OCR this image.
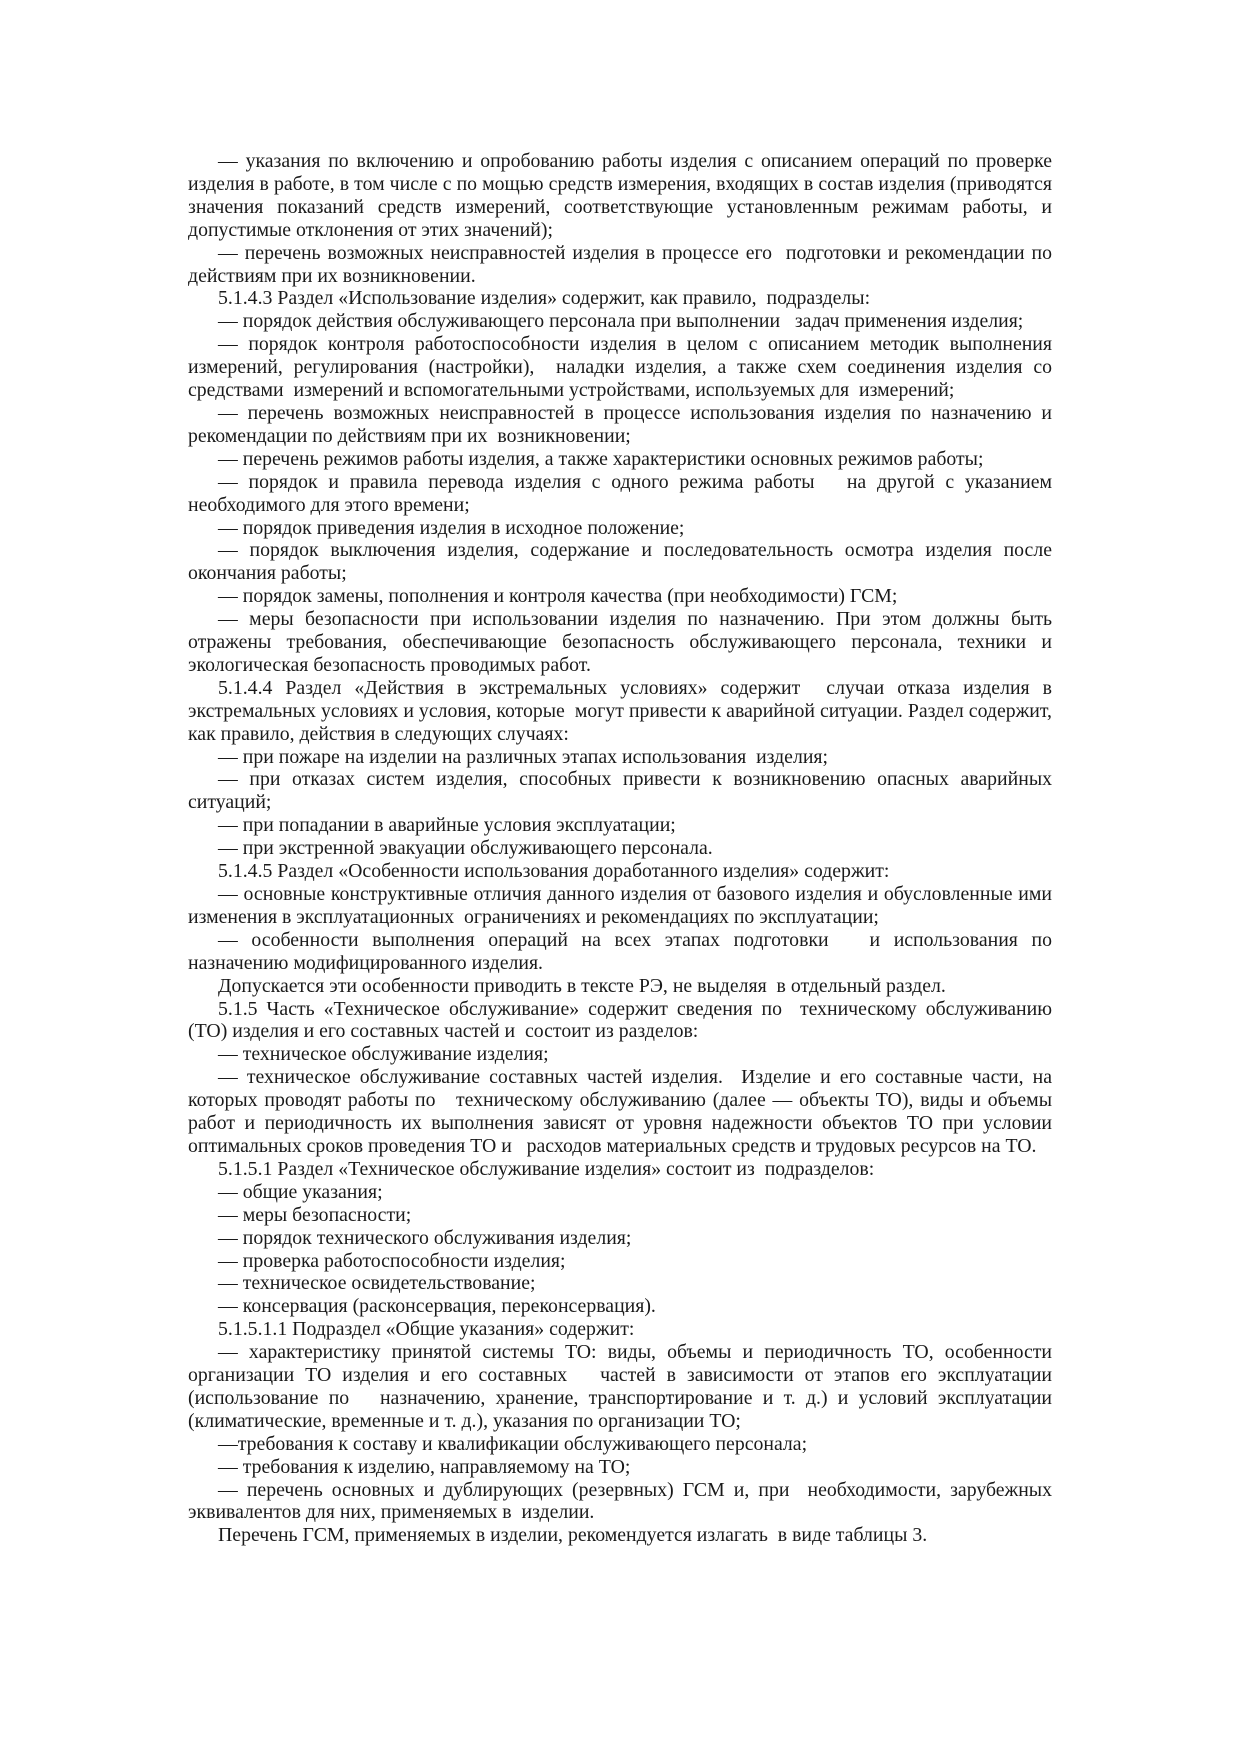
— указания по включению и опробованию работы изделия с описанием операций по проверке изделия в работе, в том числе с по мощью средств измерения, входящих в состав изделия (приводятся  значения показаний средств измерений, соответствующие установленным режимам работы, и допустимые отклонения от этих значений);

— перечень возможных неисправностей изделия в процессе его  подготовки и рекомендации по действиям при их возникновении.

5.1.4.3 Раздел «Использование изделия» содержит, как правило,  подразделы:

— порядок действия обслуживающего персонала при выполнении   задач применения изделия;

— порядок контроля работоспособности изделия в целом с описанием методик выполнения измерений, регулирования (настройки),  наладки изделия, а также схем соединения изделия со средствами  измерений и вспомогательными устройствами, используемых для  измерений;

— перечень возможных неисправностей в процессе использования изделия по назначению и рекомендации по действиям при их  возникновении;

— перечень режимов работы изделия, а также характеристики основных режимов работы;

— порядок и правила перевода изделия с одного режима работы   на другой с указанием необходимого для этого времени;

— порядок приведения изделия в исходное положение;

— порядок выключения изделия, содержание и последовательность осмотра изделия после окончания работы;

— порядок замены, пополнения и контроля качества (при необходимости) ГСМ;

— меры безопасности при использовании изделия по назначению. При этом должны быть отражены требования, обеспечивающие безопасность обслуживающего персонала, техники и экологическая безопасность проводимых работ.

5.1.4.4 Раздел «Действия в экстремальных условиях» содержит  случаи отказа изделия в экстремальных условиях и условия, которые  могут привести к аварийной ситуации. Раздел содержит, как правило, действия в следующих случаях:

— при пожаре на изделии на различных этапах использования  изделия;

— при отказах систем изделия, способных привести к возникновению опасных аварийных ситуаций;

— при попадании в аварийные условия эксплуатации;

— при экстренной эвакуации обслуживающего персонала.

5.1.4.5 Раздел «Особенности использования доработанного изделия» содержит:

— основные конструктивные отличия данного изделия от базового изделия и обусловленные ими изменения в эксплуатационных  ограничениях и рекомендациях по эксплуатации;

— особенности выполнения операций на всех этапах подготовки   и использования по назначению модифицированного изделия.

Допускается эти особенности приводить в тексте РЭ, не выделяя  в отдельный раздел.

5.1.5 Часть «Техническое обслуживание» содержит сведения по  техническому обслуживанию (ТО) изделия и его составных частей и  состоит из разделов:

— техническое обслуживание изделия;

— техническое обслуживание составных частей изделия.  Изделие и его составные части, на которых проводят работы по   техническому обслуживанию (далее — объекты ТО), виды и объемы  работ и периодичность их выполнения зависят от уровня надежности объектов ТО при условии оптимальных сроков проведения ТО и   расходов материальных средств и трудовых ресурсов на ТО.

5.1.5.1 Раздел «Техническое обслуживание изделия» состоит из  подразделов:

— общие указания;

— меры безопасности;

— порядок технического обслуживания изделия;

— проверка работоспособности изделия;

— техническое освидетельствование;

— консервация (расконсервация, переконсервация).

5.1.5.1.1 Подраздел «Общие указания» содержит:

— характеристику принятой системы ТО: виды, объемы и периодичность ТО, особенности организации ТО изделия и его составных   частей в зависимости от этапов его эксплуатации (использование по   назначению, хранение, транспортирование и т. д.) и условий эксплуатации (климатические, временные и т. д.), указания по организации ТО;

—требования к составу и квалификации обслуживающего персонала;

— требования к изделию, направляемому на ТО;

— перечень основных и дублирующих (резервных) ГСМ и, при  необходимости, зарубежных эквивалентов для них, применяемых в  изделии.

Перечень ГСМ, применяемых в изделии, рекомендуется излагать  в виде таблицы 3.
